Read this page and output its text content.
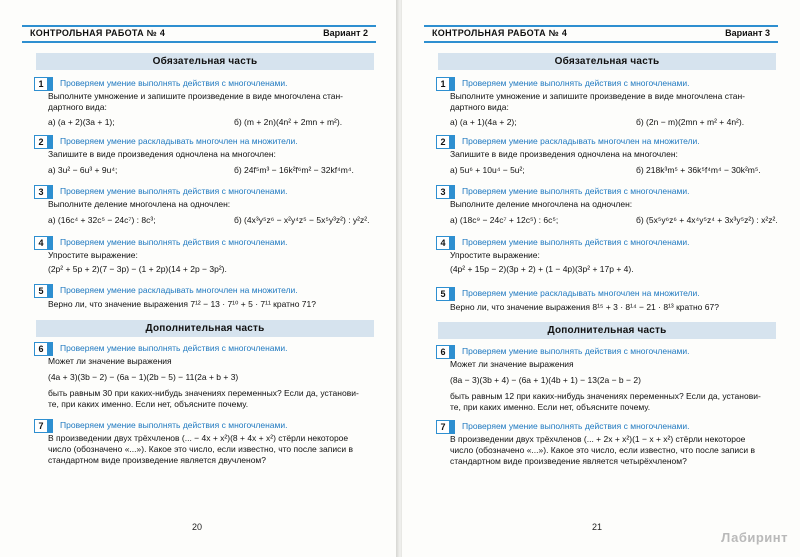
КОНТРОЛЬНАЯ РАБОТА № 4	Вариант 2
Обязательная часть
1	Проверяем умение выполнять действия с многочленами.
Выполните умножение и запишите произведение в виде многочлена стан-
дартного вида:
а) (a + 2)(3a + 1);	б) (m + 2n)(4n² + 2mn + m²).
2	Проверяем умение раскладывать многочлен на множители.
Запишите в виде произведения одночлена на многочлен:
а) 3u² − 6u³ + 9u⁴;	б) 24f⁵m³ − 16k²f⁶m² − 32kf⁴m⁴.
3	Проверяем умение выполнять действия с многочленами.
Выполните деление многочлена на одночлен:
а) (16c⁴ + 32c⁵ − 24c⁷) : 8c³;	б) (4x³y⁵z⁶ − x²y⁴z⁵ − 5x⁵y³z²) : y²z².
4	Проверяем умение выполнять действия с многочленами.
Упростите выражение:
(2p² + 5p + 2)(7 − 3p) − (1 + 2p)(14 + 2p − 3p²).
5	Проверяем умение раскладывать многочлен на множители.
Верно ли, что значение выражения 7¹² − 13 · 7¹⁰ + 5 · 7¹¹ кратно 71?
Дополнительная часть
6	Проверяем умение выполнять действия с многочленами.
Может ли значение выражения
(4a + 3)(3b − 2) − (6a − 1)(2b − 5) − 11(2a + b + 3)
быть равным 30 при каких-нибудь значениях переменных? Если да, установи-
те, при каких именно. Если нет, объясните почему.
7	Проверяем умение выполнять действия с многочленами.
В произведении двух трёхчленов (... − 4x + x²)(8 + 4x + x²) стёрли некоторое
число (обозначено «...»). Какое это число, если известно, что после записи в
стандартном виде произведение является двучленом?
20
КОНТРОЛЬНАЯ РАБОТА № 4	Вариант 3
Обязательная часть
1	Проверяем умение выполнять действия с многочленами.
Выполните умножение и запишите произведение в виде многочлена стан-
дартного вида:
а) (a + 1)(4a + 2);	б) (2n − m)(2mn + m² + 4n²).
2	Проверяем умение раскладывать многочлен на множители.
Запишите в виде произведения одночлена на многочлен:
а) 5u⁶ + 10u⁴ − 5u²;	б) 218k³m⁵ + 36k⁵f⁴m⁴ − 30k²m⁵.
3	Проверяем умение выполнять действия с многочленами.
Выполните деление многочлена на одночлен:
а) (18c⁹ − 24c⁷ + 12c⁵) : 6c⁵;	б) (5x⁵y⁶z⁶ + 4x⁴y⁵z⁴ + 3x³y⁵z²) : x²z².
4	Проверяем умение выполнять действия с многочленами.
Упростите выражение:
(4p² + 15p − 2)(3p + 2) + (1 − 4p)(3p² + 17p + 4).
5	Проверяем умение раскладывать многочлен на множители.
Верно ли, что значение выражения 8¹⁵ + 3 · 8¹⁴ − 21 · 8¹³ кратно 67?
Дополнительная часть
6	Проверяем умение выполнять действия с многочленами.
Может ли значение выражения
(8a − 3)(3b + 4) − (6a + 1)(4b + 1) − 13(2a − b − 2)
быть равным 12 при каких-нибудь значениях переменных? Если да, установи-
те, при каких именно. Если нет, объясните почему.
7	Проверяем умение выполнять действия с многочленами.
В произведении двух трёхчленов (... + 2x + x²)(1 − x + x²) стёрли некоторое
число (обозначено «...»). Какое это число, если известно, что после записи в
стандартном виде произведение является четырёхчленом?
21
Лабиринт
